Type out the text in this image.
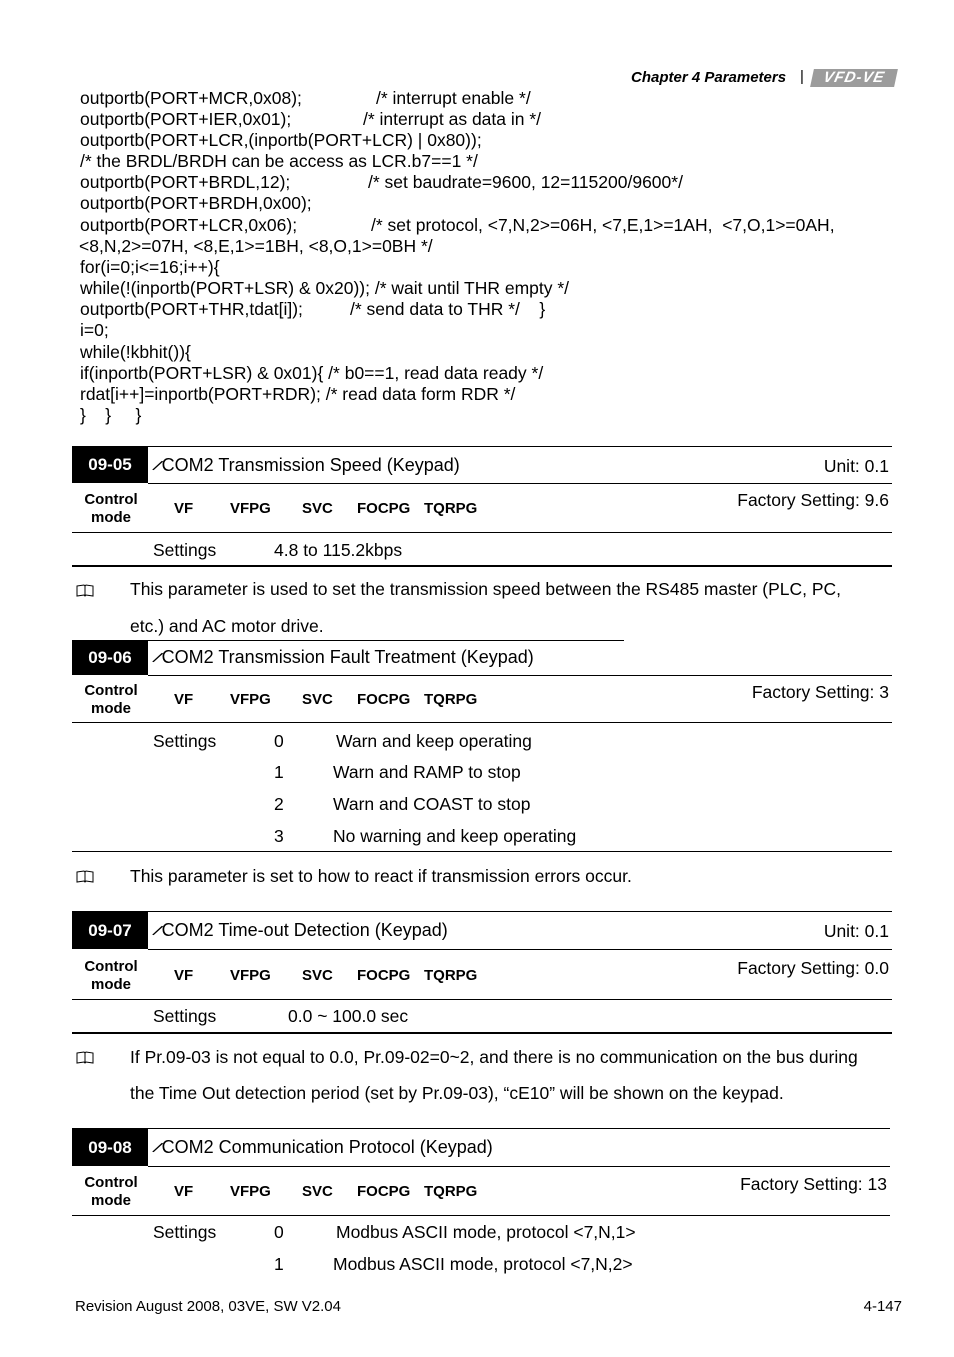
Chapter 4 Parameters |	VFD-VE
outportb(PORT+MCR,0x08);	/* interrupt enable */
outportb(PORT+IER,0x01);	/* interrupt as data in */
outportb(PORT+LCR,(inportb(PORT+LCR) | 0x80));
/* the BRDL/BRDH can be access as LCR.b7==1 */
outportb(PORT+BRDL,12);	/* set baudrate=9600, 12=115200/9600*/
outportb(PORT+BRDH,0x00);
outportb(PORT+LCR,0x06);	/* set protocol, <7,N,2>=06H, <7,E,1>=1AH,  <7,O,1>=0AH,
<8,N,2>=07H, <8,E,1>=1BH, <8,O,1>=0BH */
for(i=0;i<=16;i++){
while(!(inportb(PORT+LSR) & 0x20)); /* wait until THR empty */
outportb(PORT+THR,tdat[i]);	/* send data to THR */    }
i=0;
while(!kbhit()){
if(inportb(PORT+LSR) & 0x01){ /* b0==1, read data ready */
rdat[i++]=inportb(PORT+RDR); /* read data form RDR */
}    }     }
09-05	⁄COM2 Transmission Speed (Keypad)	Unit: 0.1
Control mode
VF VFPG SVC FOCPG TQRPG	Factory Setting: 9.6
Settings	4.8 to 115.2kbps
This parameter is used to set the transmission speed between the RS485 master (PLC, PC,
etc.) and AC motor drive.
09-06	⁄COM2 Transmission Fault Treatment (Keypad)
Control mode
VF VFPG SVC FOCPG TQRPG	Factory Setting: 3
Settings	0	Warn and keep operating
1	Warn and RAMP to stop
2	Warn and COAST to stop
3	No warning and keep operating
This parameter is set to how to react if transmission errors occur.
09-07	⁄COM2 Time-out Detection (Keypad)	Unit: 0.1
Control mode
VF VFPG SVC FOCPG TQRPG	Factory Setting: 0.0
Settings	0.0 ~ 100.0 sec
If Pr.09-03 is not equal to 0.0, Pr.09-02=0~2, and there is no communication on the bus during
the Time Out detection period (set by Pr.09-03), “cE10” will be shown on the keypad.
09-08	⁄COM2 Communication Protocol (Keypad)
Control mode
VF VFPG SVC FOCPG TQRPG	Factory Setting: 13
Settings	0	Modbus ASCII mode, protocol <7,N,1>
1	Modbus ASCII mode, protocol <7,N,2>
Revision August 2008, 03VE, SW V2.04	4-147
